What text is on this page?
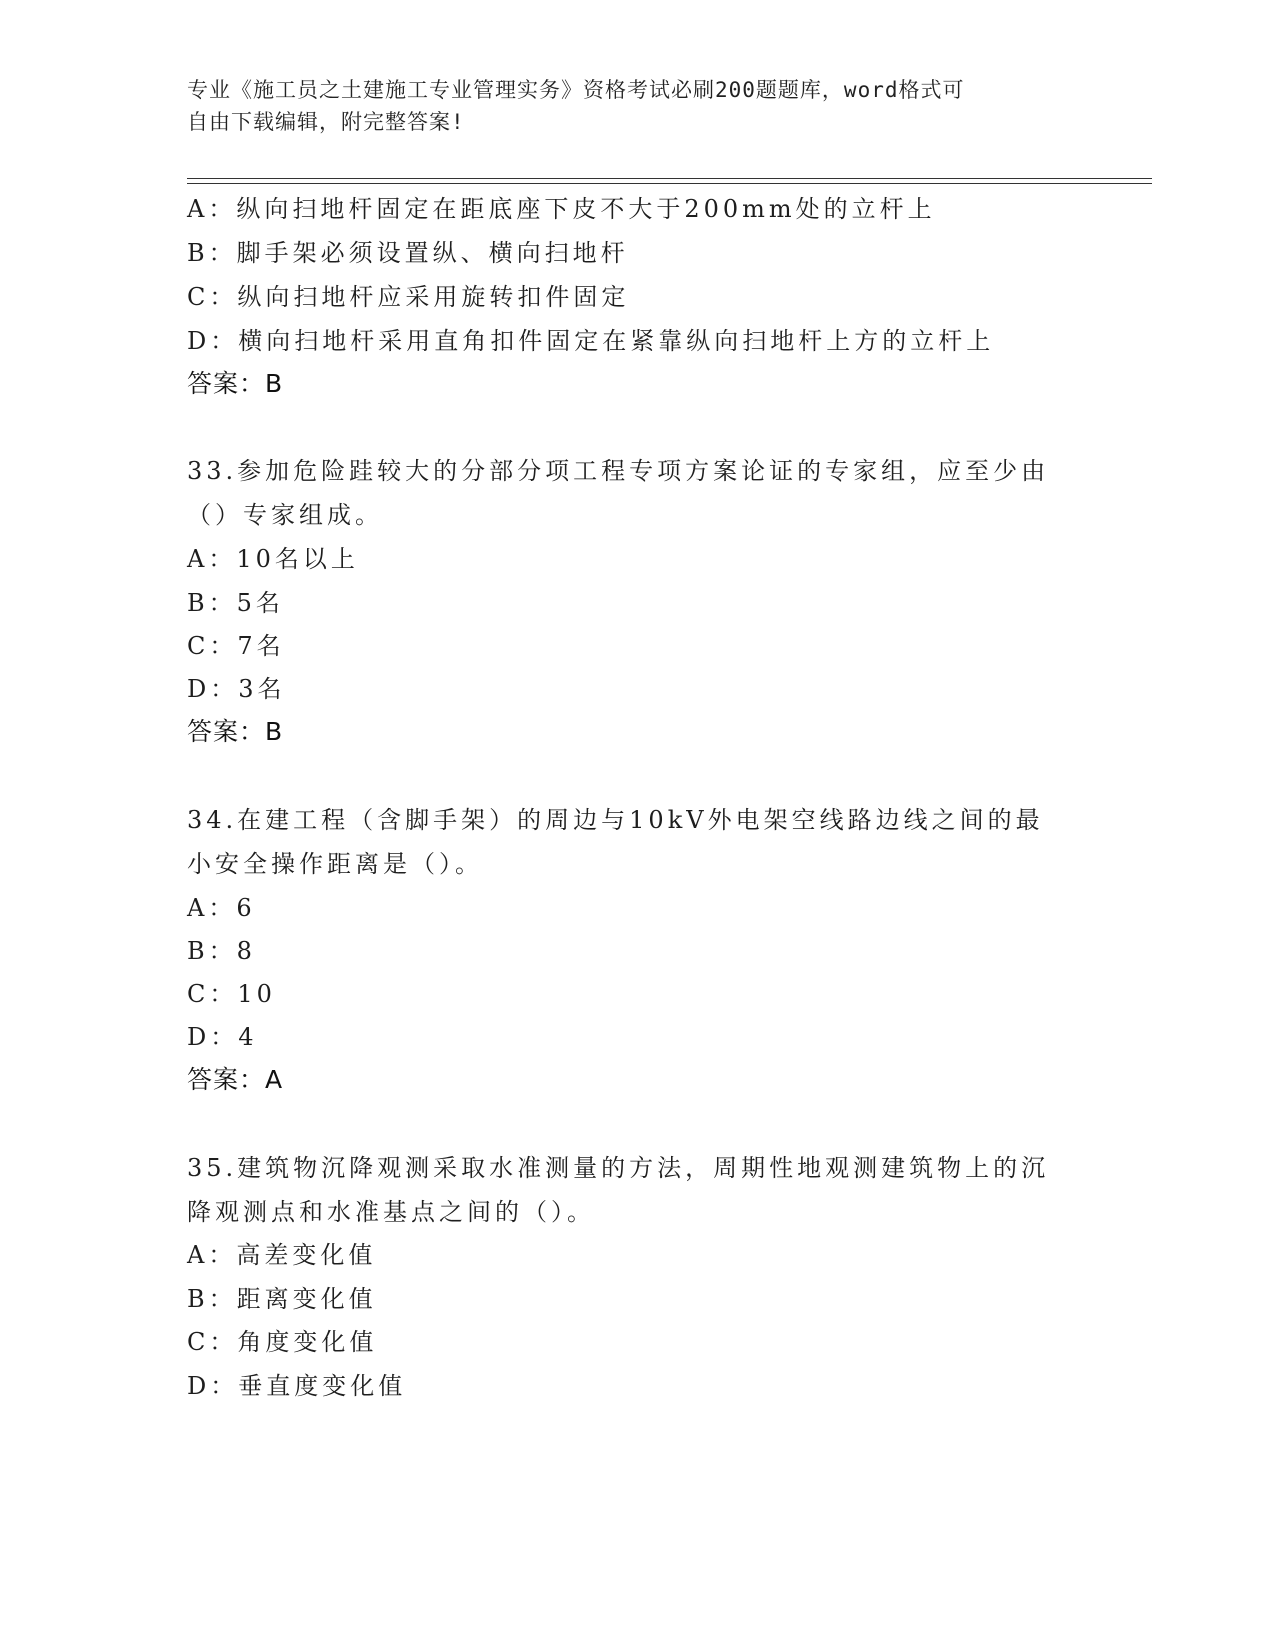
专业《施工员之土建施工专业管理实务》资格考试必刷200题题库，word格式可
自由下载编辑，附完整答案!
A：纵向扫地杆固定在距底座下皮不大于200mm处的立杆上
B：脚手架必须设置纵、横向扫地杆
C：纵向扫地杆应采用旋转扣件固定
D：横向扫地杆采用直角扣件固定在紧靠纵向扫地杆上方的立杆上
答案：B
33.参加危险跬较大的分部分项工程专项方案论证的专家组，应至少由
（）专家组成。
A：10名以上
B：5名
C：7名
D：3名
答案：B
34.在建工程（含脚手架）的周边与10kV外电架空线路边线之间的最
小安全操作距离是（）。
A：6
B：8
C：10
D：4
答案：A
35.建筑物沉降观测采取水准测量的方法，周期性地观测建筑物上的沉
降观测点和水准基点之间的（）。
A：高差变化值
B：距离变化值
C：角度变化值
D：垂直度变化值
